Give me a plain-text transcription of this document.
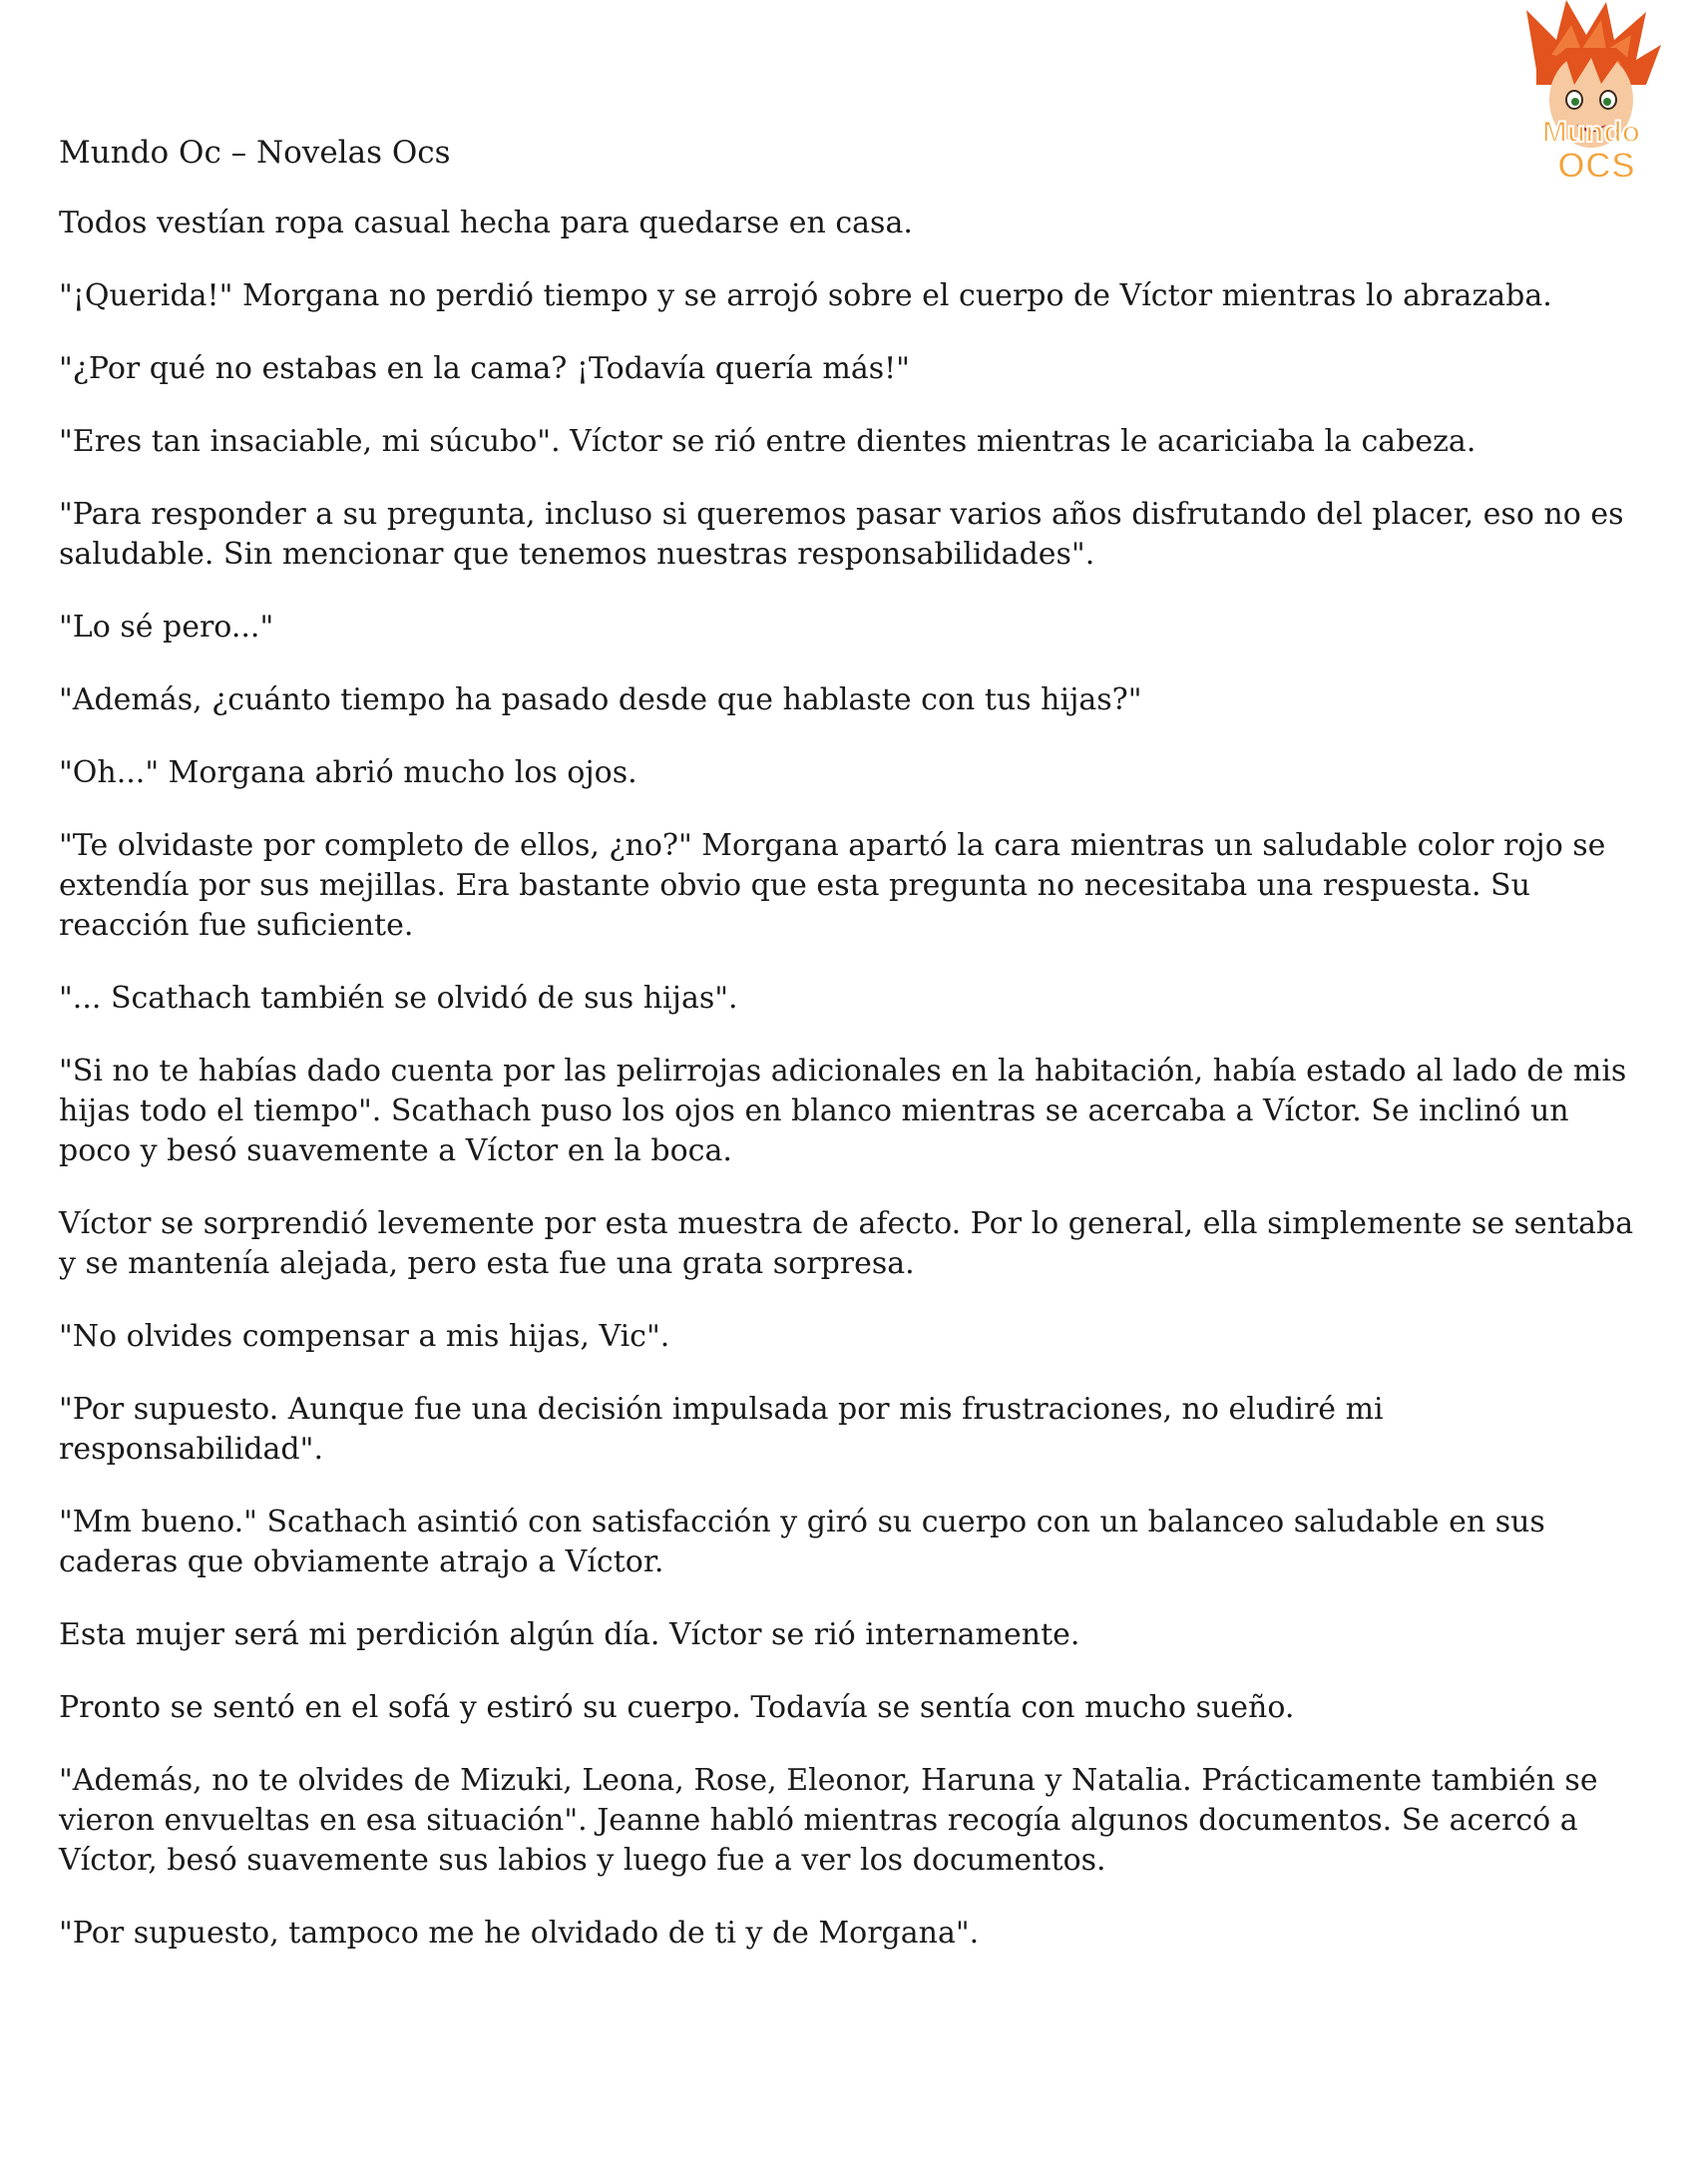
Mundo Oc – Novelas Ocs
Mundo
OCS

Todos vestían ropa casual hecha para quedarse en casa.

"¡Querida!" Morgana no perdió tiempo y se arrojó sobre el cuerpo de Víctor mientras lo abrazaba.

"¿Por qué no estabas en la cama? ¡Todavía quería más!"

"Eres tan insaciable, mi súcubo". Víctor se rió entre dientes mientras le acariciaba la cabeza.

"Para responder a su pregunta, incluso si queremos pasar varios años disfrutando del placer, eso no es saludable. Sin mencionar que tenemos nuestras responsabilidades".

"Lo sé pero..."

"Además, ¿cuánto tiempo ha pasado desde que hablaste con tus hijas?"

"Oh..." Morgana abrió mucho los ojos.

"Te olvidaste por completo de ellos, ¿no?" Morgana apartó la cara mientras un saludable color rojo se extendía por sus mejillas. Era bastante obvio que esta pregunta no necesitaba una respuesta. Su reacción fue suficiente.

"... Scathach también se olvidó de sus hijas".

"Si no te habías dado cuenta por las pelirrojas adicionales en la habitación, había estado al lado de mis hijas todo el tiempo". Scathach puso los ojos en blanco mientras se acercaba a Víctor. Se inclinó un poco y besó suavemente a Víctor en la boca.

Víctor se sorprendió levemente por esta muestra de afecto. Por lo general, ella simplemente se sentaba y se mantenía alejada, pero esta fue una grata sorpresa.

"No olvides compensar a mis hijas, Vic".

"Por supuesto. Aunque fue una decisión impulsada por mis frustraciones, no eludiré mi responsabilidad".

"Mm bueno." Scathach asintió con satisfacción y giró su cuerpo con un balanceo saludable en sus caderas que obviamente atrajo a Víctor.

Esta mujer será mi perdición algún día. Víctor se rió internamente.

Pronto se sentó en el sofá y estiró su cuerpo. Todavía se sentía con mucho sueño.

"Además, no te olvides de Mizuki, Leona, Rose, Eleonor, Haruna y Natalia. Prácticamente también se vieron envueltas en esa situación". Jeanne habló mientras recogía algunos documentos. Se acercó a Víctor, besó suavemente sus labios y luego fue a ver los documentos.

"Por supuesto, tampoco me he olvidado de ti y de Morgana".
